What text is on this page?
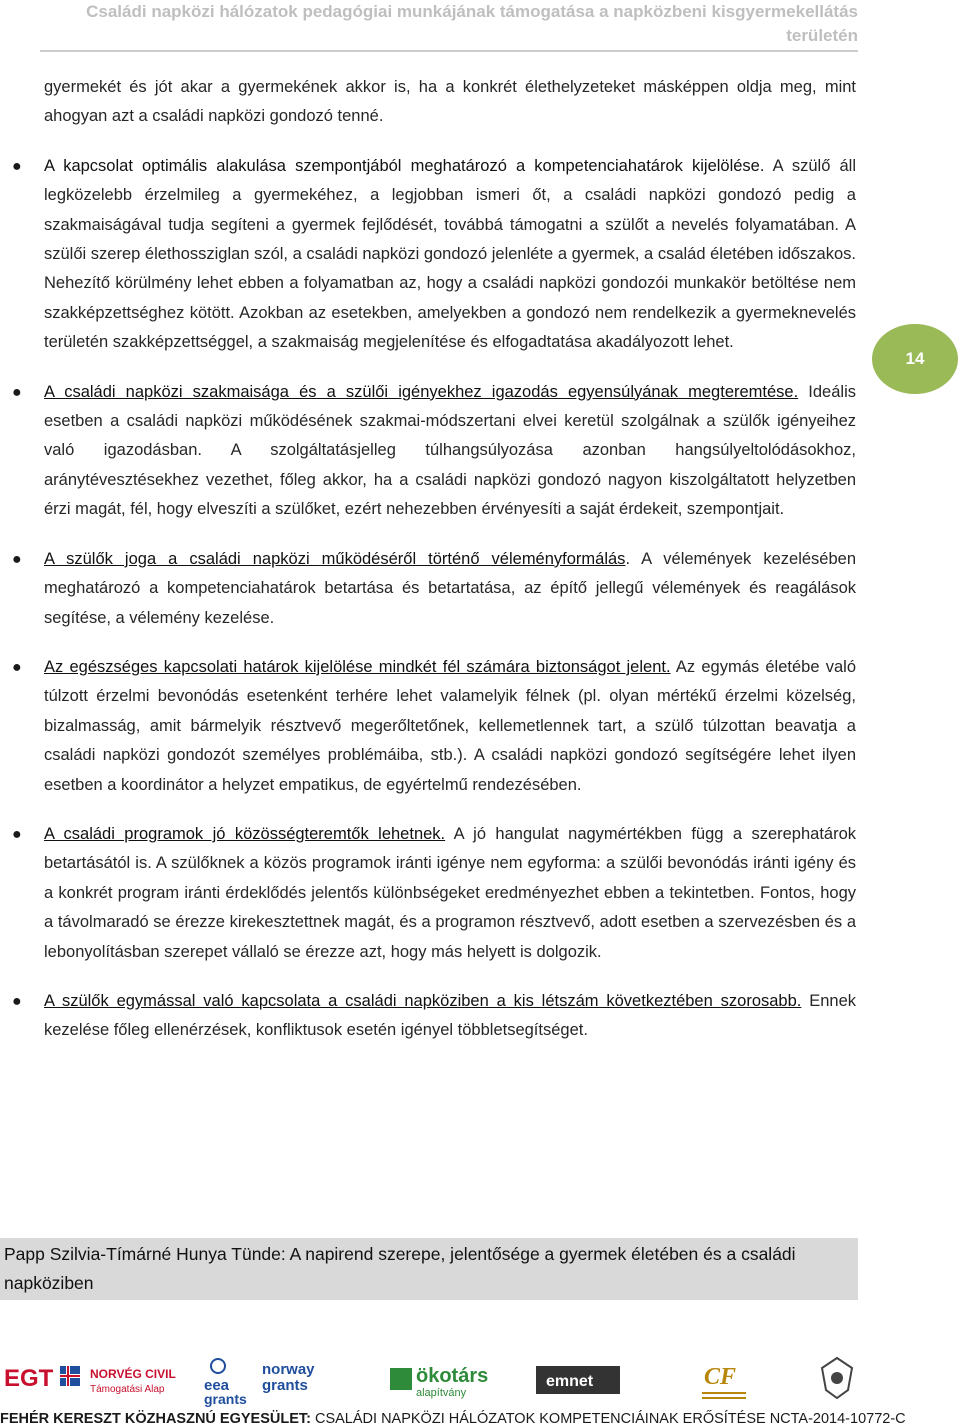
Családi napközi hálózatok pedagógiai munkájának támogatása a napközbeni kisgyermekellátás
területén
14

gyermekét és jót akar a gyermekének akkor is, ha a konkrét élethelyzeteket másképpen oldja meg, mint ahogyan azt a családi napközi gondozó tenné.

● A kapcsolat optimális alakulása szempontjából meghatározó a kompetenciahatárok kijelölése. A szülő áll legközelebb érzelmileg a gyermekéhez, a legjobban ismeri őt, a családi napközi gondozó pedig a szakmaiságával tudja segíteni a gyermek fejlődését, továbbá támogatni a szülőt a nevelés folyamatában. A szülői szerep élethossziglan szól, a családi napközi gondozó jelenléte a gyermek, a család életében időszakos. Nehezítő körülmény lehet ebben a folyamatban az, hogy a családi napközi gondozói munkakör betöltése nem szakképzettséghez kötött. Azokban az esetekben, amelyekben a gondozó nem rendelkezik a gyermeknevelés területén szakképzettséggel, a szakmaiság megjelenítése és elfogadtatása akadályozott lehet.

● A családi napközi szakmaisága és a szülői igényekhez igazodás egyensúlyának megteremtése. Ideális esetben a családi napközi működésének szakmai-módszertani elvei keretül szolgálnak a szülők igényeihez való igazodásban. A szolgáltatásjelleg túlhangsúlyozása azonban hangsúlyeltolódásokhoz, aránytévesztésekhez vezethet, főleg akkor, ha a családi napközi gondozó nagyon kiszolgáltatott helyzetben érzi magát, fél, hogy elveszíti a szülőket, ezért nehezebben érvényesíti a saját érdekeit, szempontjait.

● A szülők joga a családi napközi működéséről történő véleményformálás. A vélemények kezelésében meghatározó a kompetenciahatárok betartása és betartatása, az építő jellegű vélemények és reagálások segítése, a vélemény kezelése.

● Az egészséges kapcsolati határok kijelölése mindkét fél számára biztonságot jelent. Az egymás életébe való túlzott érzelmi bevonódás esetenként terhére lehet valamelyik félnek (pl. olyan mértékű érzelmi közelség, bizalmasság, amit bármelyik résztvevő megerőltetőnek, kellemetlennek tart, a szülő túlzottan beavatja a családi napközi gondozót személyes problémáiba, stb.). A családi napközi gondozó segítségére lehet ilyen esetben a koordinátor a helyzet empatikus, de egyértelmű rendezésében.

● A családi programok jó közösségteremtők lehetnek. A jó hangulat nagymértékben függ a szerephatárok betartásától is. A szülőknek a közös programok iránti igénye nem egyforma: a szülői bevonódás iránti igény és a konkrét program iránti érdeklődés jelentős különbségeket eredményezhet ebben a tekintetben. Fontos, hogy a távolmaradó se érezze kirekesztettnek magát, és a programon résztvevő, adott esetben a szervezésben és a lebonyolításban szerepet vállaló se érezze azt, hogy más helyett is dolgozik.

● A szülők egymással való kapcsolata a családi napköziben a kis létszám következtében szorosabb. Ennek kezelése főleg ellenérzések, konfliktusok esetén igényel többletsegítséget.

Papp Szilvia-Tímárné Hunya Tünde: A napirend szerepe, jelentősége a gyermek életében és a családi napköziben
EGT	NORVÉG CIVIL
Támogatási Alap	eea
grants
norway
grants	ökotárs
alapítvány
emnet	CF
FEHÉR KERESZT KÖZHASZNÚ EGYESÜLET: CSALÁDI NAPKÖZI HÁLÓZATOK KOMPETENCIÁINAK ERŐSÍTÉSE NCTA-2014-10772-C
